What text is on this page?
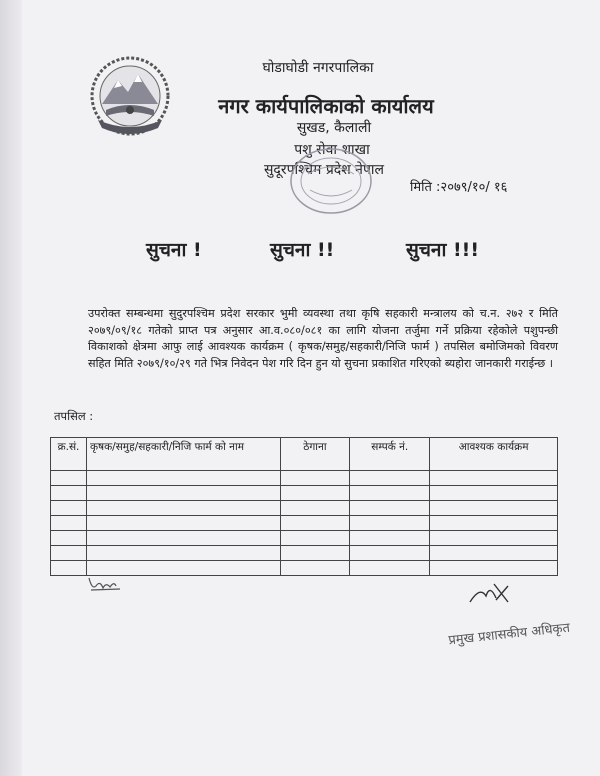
घोडाघोडी नगरपालिका
नगर कार्यपालिकाको कार्यालय
सुखड, कैलाली
पशु सेवा शाखा
सुदूरपश्चिम प्रदेश नेपाल
मिति :२०७९/१०/ १६
सुचना !	सुचना !!	सुचना !!!
उपरोक्त सम्बन्धमा सुदुरपश्चिम प्रदेश सरकार भुमी व्यवस्था तथा कृषि सहकारी मन्त्रालय को च.न. २७२ र मिति २०७९/०९/१८ गतेको प्राप्त पत्र अनुसार आ.व.०८०/०८१ का लागि योजना तर्जुमा गर्ने प्रक्रिया रहेकोले पशुपन्छी विकाशको क्षेत्रमा आफु लाई आवश्यक कार्यक्रम ( कृषक/समुह/सहकारी/निजि फार्म ) तपसिल बमोजिमको विवरण सहित मिति २०७९/१०/२९ गते भित्र निवेदन पेश गरि दिन हुन यो सुचना प्रकाशित गरिएको ब्यहोरा जानकारी गराईन्छ ।
तपसिल :
क्र.सं.	कृषक/समुह/सहकारी/निजि फार्म को नाम	ठेगाना	सम्पर्क नं.	आवश्यक कार्यक्रम

प्रमुख प्रशासकीय अधिकृत
